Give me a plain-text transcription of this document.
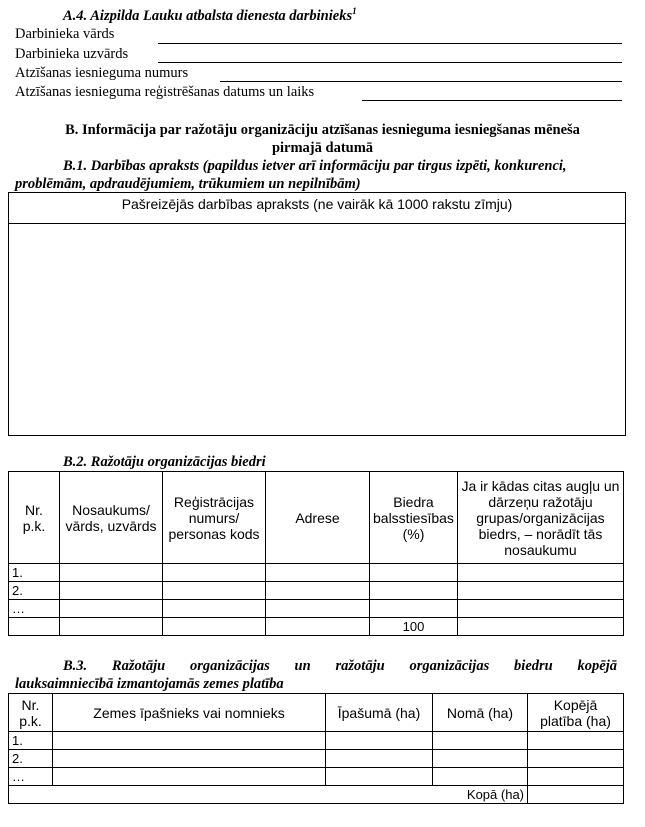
A.4. Aizpilda Lauku atbalsta dienesta darbinieks$^1$
Darbinieka vārds
Darbinieka uzvārds
Atzīšanas iesnieguma numurs
Atzīšanas iesnieguma reģistrēšanas datums un laiks
B. Informācija par ražotāju organizāciju atzīšanas iesnieguma iesniegšanas mēneša
pirmajā datumā
B.1. Darbības apraksts (papildus ietver arī informāciju par tirgus izpēti, konkurenci,
problēmām, apdraudējumiem, trūkumiem un nepilnībām)
Pašreizējās darbības apraksts (ne vairāk kā 1000 rakstu zīmju)
B.2. Ražotāju organizācijas biedri
Nr. p.k.	Nosaukums/ vārds, uzvārds	Reģistrācijas numurs/ personas kods	Adrese	Biedra balsstiesības (%)	Ja ir kādas citas augļu un dārzeņu ražotāju grupas/organizācijas biedrs, – norādīt tās nosaukumu
1.					
2.					
…					
				100	
B.3. Ražotāju organizācijas un ražotāju organizācijas biedru kopējā
lauksaimniecībā izmantojamās zemes platība
Nr. p.k.	Zemes īpašnieks vai nomnieks	Īpašumā (ha)	Nomā (ha)	Kopējā platība (ha)
1.				
2.				
…				
Kopā (ha)				
